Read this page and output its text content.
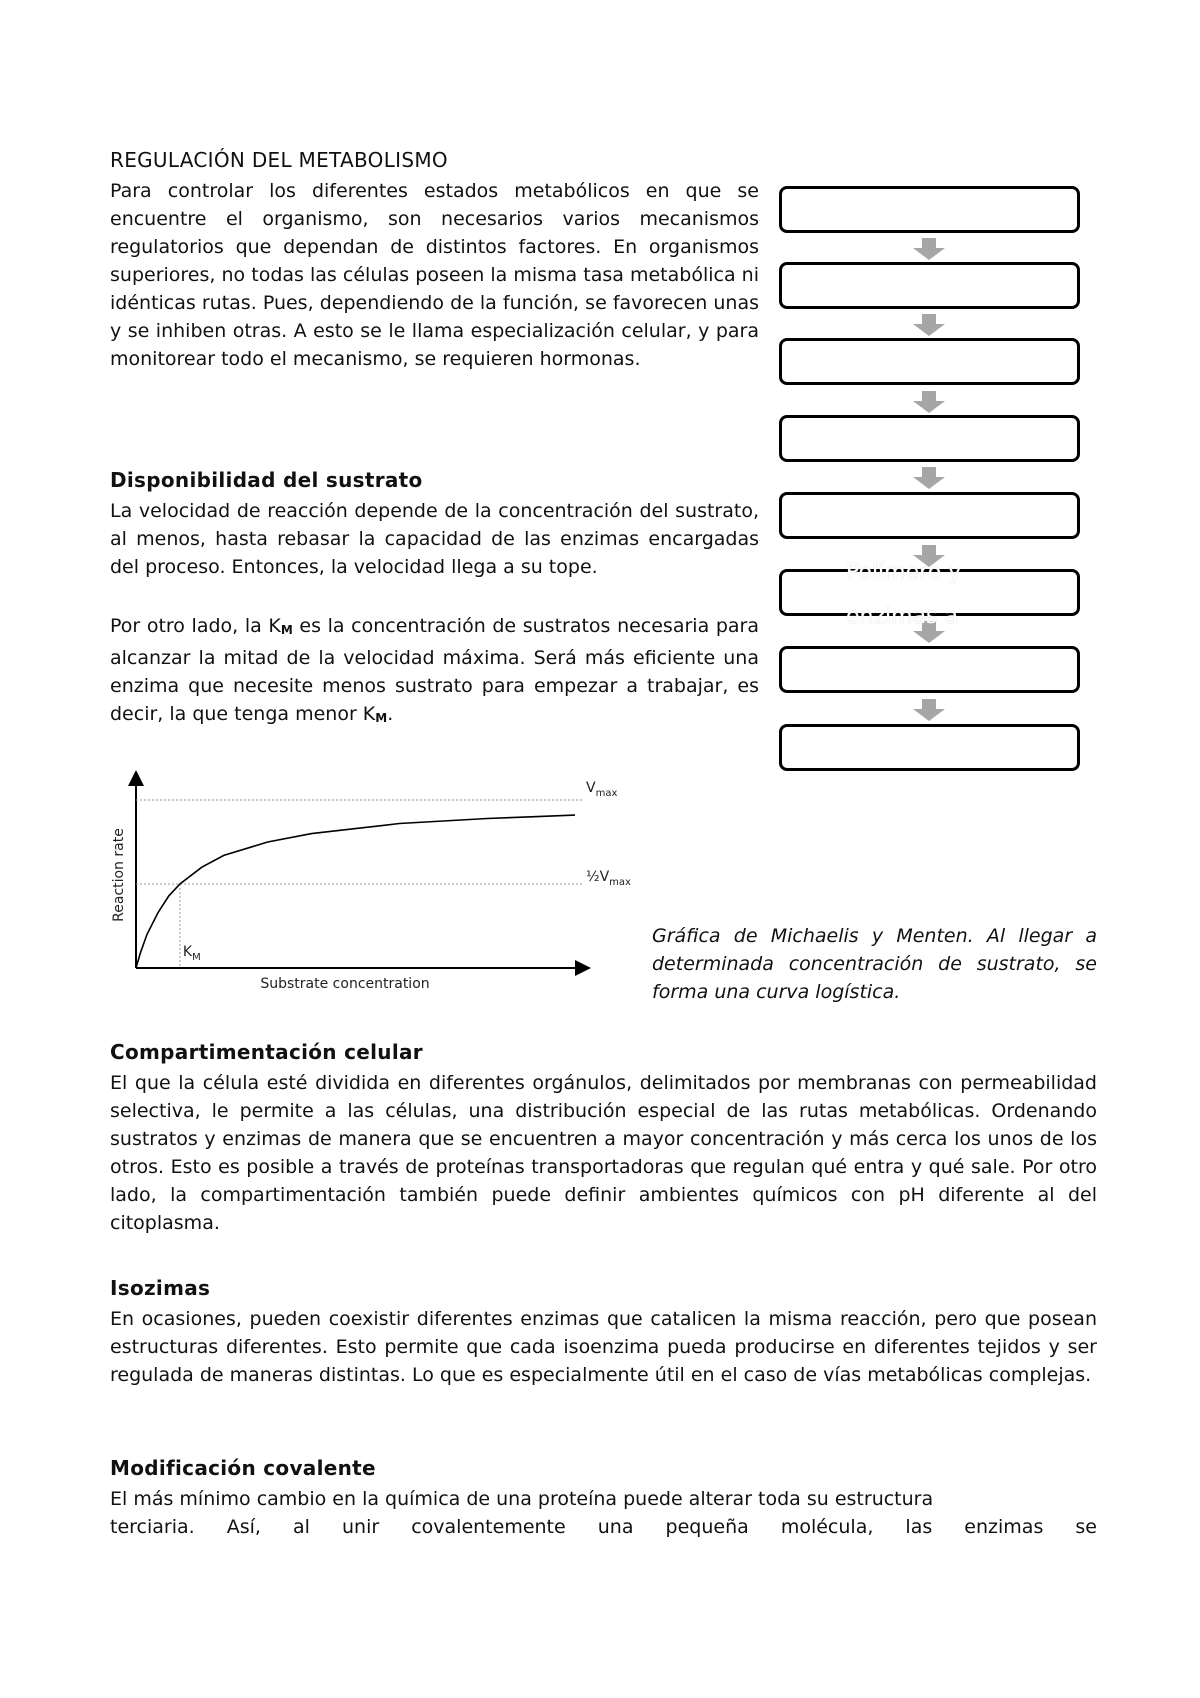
REGULACIÓN DEL METABOLISMO

Para controlar los diferentes estados metabólicos en que se encuentre el organismo, son necesarios varios mecanismos regulatorios que dependan de distintos factores. En organismos superiores, no todas las células poseen la misma tasa metabólica ni idénticas rutas. Pues, dependiendo de la función, se favorecen unas y se inhiben otras. A esto se le llama especialización celular, y para monitorear todo el mecanismo, se requieren hormonas.

Polímero y
enzimas a
Disponibilidad del sustrato

La velocidad de reacción depende de la concentración del sustrato, al menos, hasta rebasar la capacidad de las enzimas encargadas del proceso. Entonces, la velocidad llega a su tope.

Por otro lado, la $K_M$ es la concentración de sustratos necesaria para alcanzar la mitad de la velocidad máxima. Será más eficiente una enzima que necesite menos sustrato para empezar a trabajar, es decir, la que tenga menor $K_M$.

$V_{max}$
$\frac{1}{2}V_{max}$
$K_M$
Substrate concentration
Reaction rate

Gráfica de Michaelis y Menten. Al llegar a determinada concentración de sustrato, se forma una curva logística.

Compartimentación celular

El que la célula esté dividida en diferentes orgánulos, delimitados por membranas con permeabilidad selectiva, le permite a las células, una distribución especial de las rutas metabólicas. Ordenando sustratos y enzimas de manera que se encuentren a mayor concentración y más cerca los unos de los otros. Esto es posible a través de proteínas transportadoras que regulan qué entra y qué sale. Por otro lado, la compartimentación también puede definir ambientes químicos con pH diferente al del citoplasma.

Isozimas

En ocasiones, pueden coexistir diferentes enzimas que catalicen la misma reacción, pero que posean estructuras diferentes. Esto permite que cada isoenzima pueda producirse en diferentes tejidos y ser regulada de maneras distintas. Lo que es especialmente útil en el caso de vías metabólicas complejas.

Modificación covalente

El más mínimo cambio en la química de una proteína puede alterar toda su estructura

terciaria. Así, al unir covalentemente una pequeña molécula, las enzimas se
